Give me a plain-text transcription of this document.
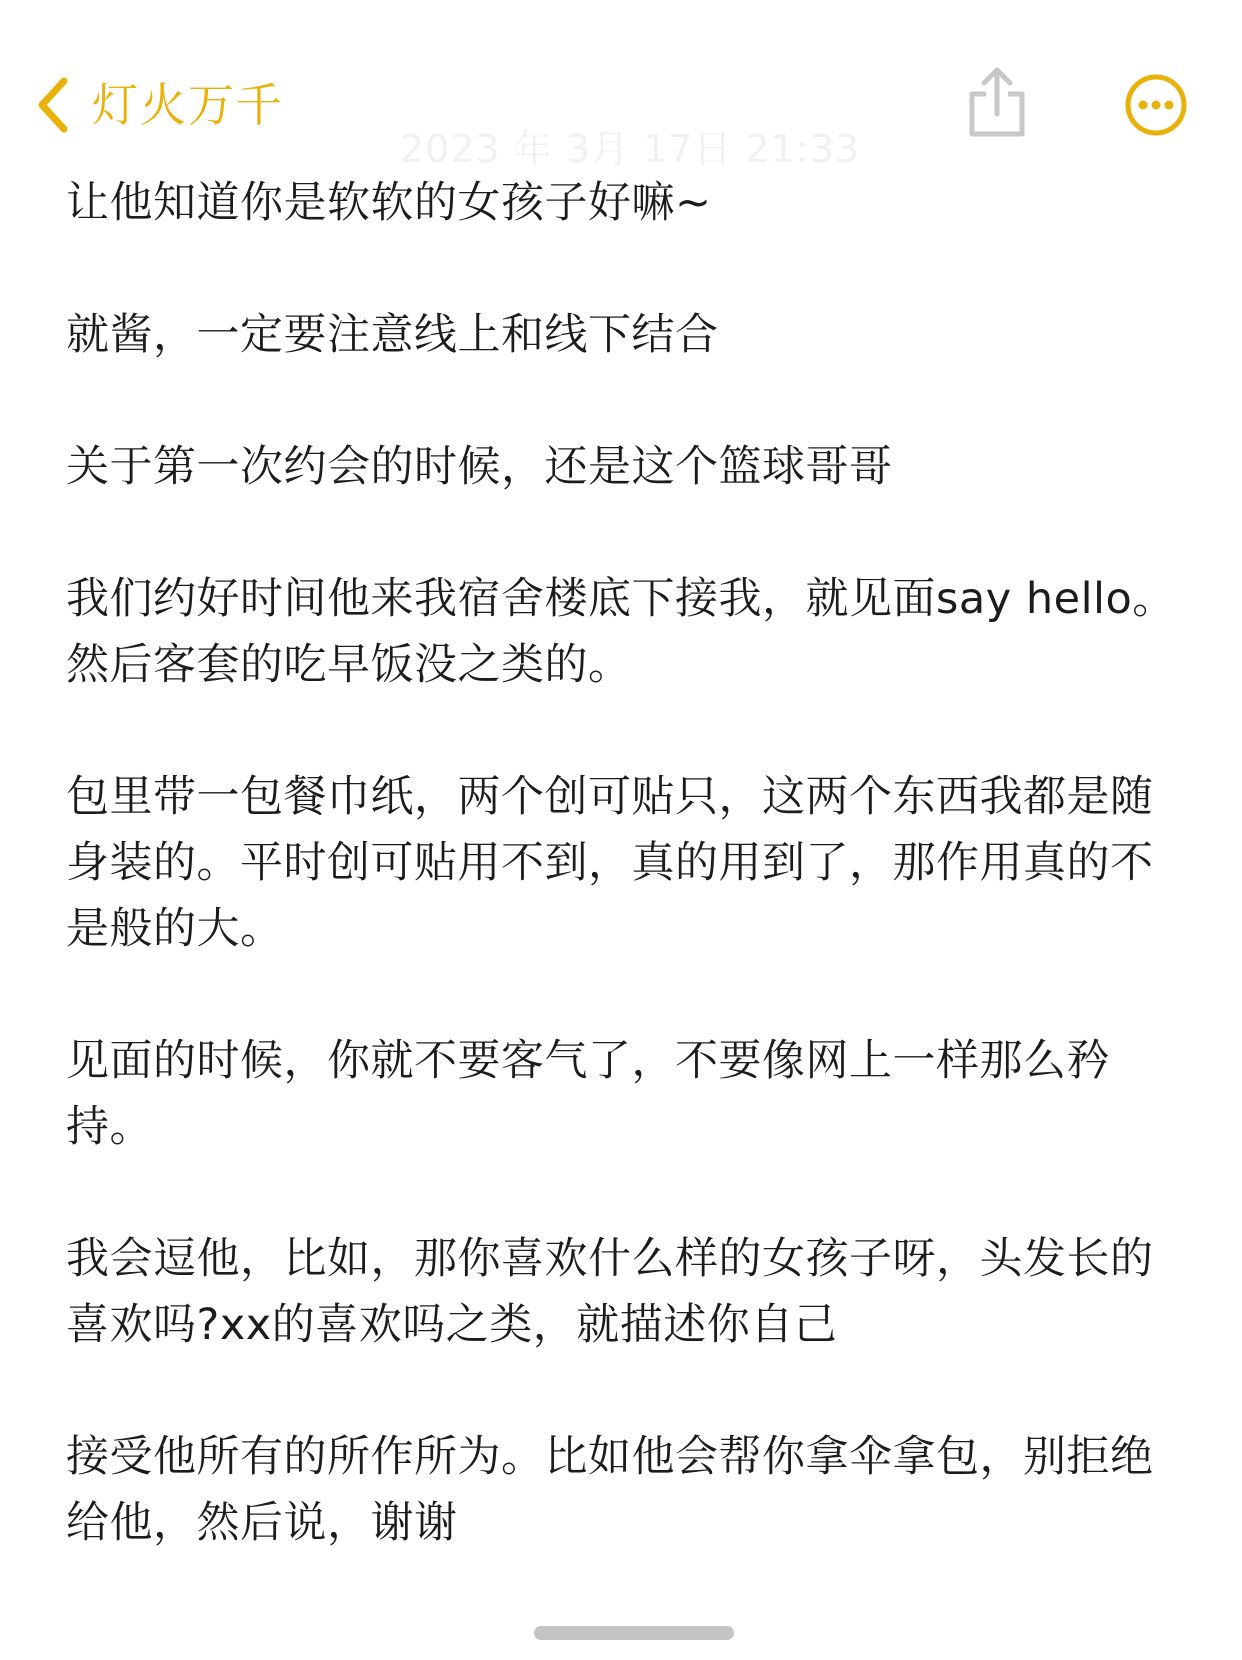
灯火万千
2023 年 3月 17日 21:33

让他知道你是软软的女孩子好嘛~

就酱，一定要注意线上和线下结合

关于第一次约会的时候，还是这个篮球哥哥

我们约好时间他来我宿舍楼底下接我，就见面say hello。然后客套的吃早饭没之类的。

包里带一包餐巾纸，两个创可贴只，这两个东西我都是随身装的。平时创可贴用不到，真的用到了，那作用真的不是般的大。

见面的时候，你就不要客气了，不要像网上一样那么矜持。

我会逗他，比如，那你喜欢什么样的女孩子呀，头发长的喜欢吗?xx的喜欢吗之类，就描述你自己

接受他所有的所作所为。比如他会帮你拿伞拿包，别拒绝给他，然后说，谢谢
